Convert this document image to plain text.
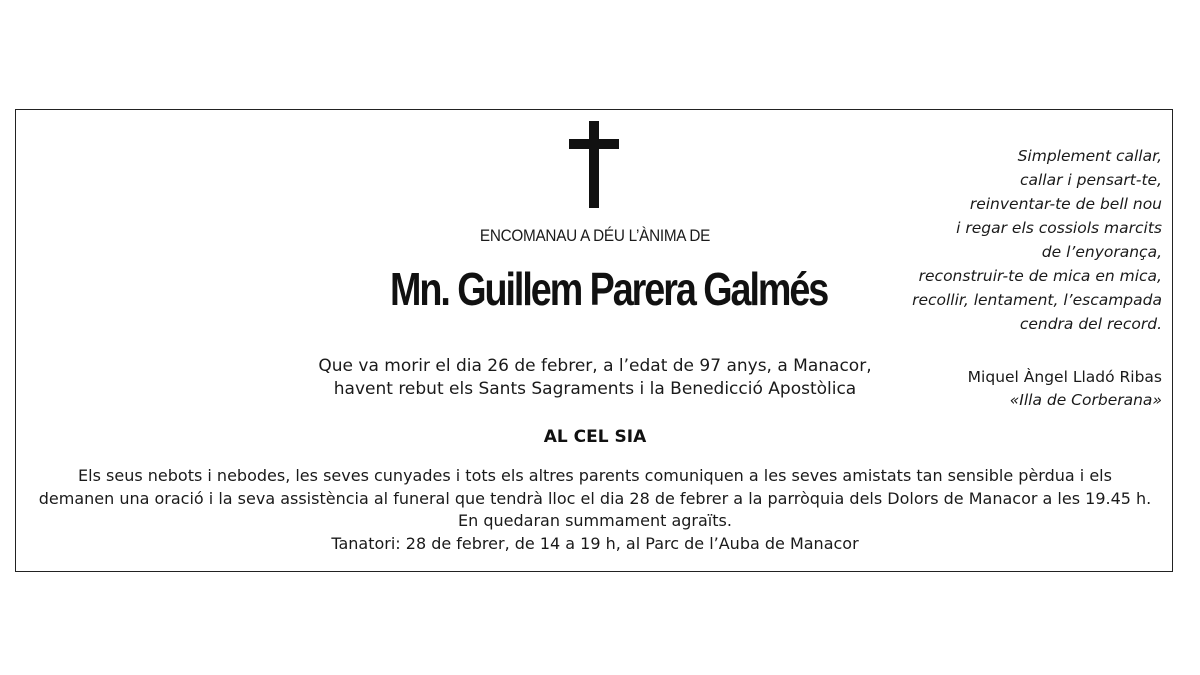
ENCOMANAU A DÉU L’ÀNIMA DE
Mn. Guillem Parera Galmés
Que va morir el dia 26 de febrer, a l’edat de 97 anys, a Manacor,
havent rebut els Sants Sagraments i la Benedicció Apostòlica
AL CEL SIA
Els seus nebots i nebodes, les seves cunyades i tots els altres parents comuniquen a les seves amistats tan sensible pèrdua i els
demanen una oració i la seva assistència al funeral que tendrà lloc el dia 28 de febrer a la parròquia dels Dolors de Manacor a les 19.45 h.
En quedaran summament agraïts.
Tanatori: 28 de febrer, de 14 a 19 h, al Parc de l’Auba de Manacor
Simplement callar,
callar i pensart-te,
reinventar-te de bell nou
i regar els cossiols marcits
de l’enyorança,
reconstruir-te de mica en mica,
recollir, lentament, l’escampada
cendra del record.
Miquel Àngel Lladó Ribas
«Illa de Corberana»
